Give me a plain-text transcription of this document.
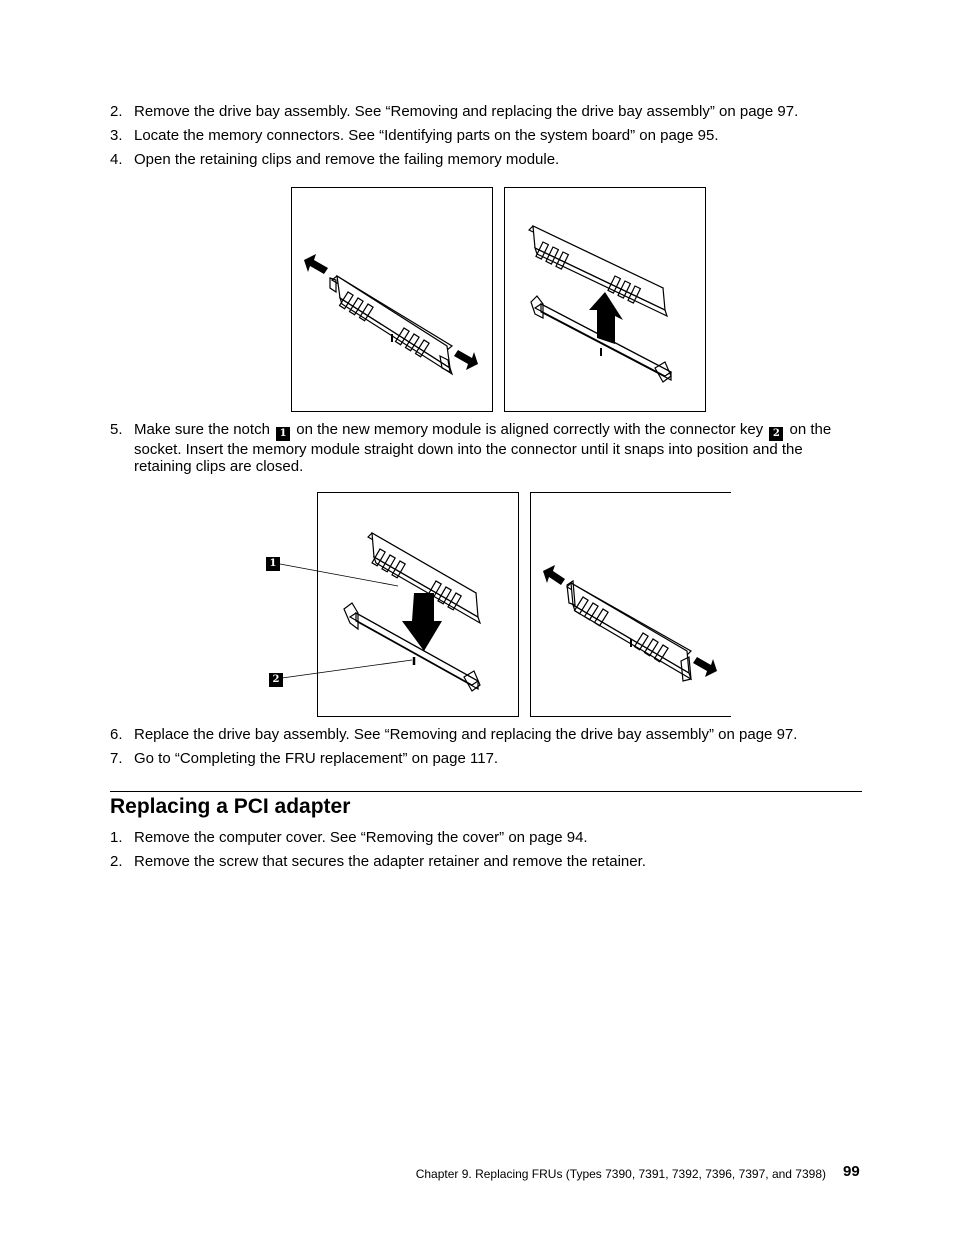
2. Remove the drive bay assembly. See “Removing and replacing the drive bay assembly” on page 97.
3. Locate the memory connectors. See “Identifying parts on the system board” on page 95.
4. Open the retaining clips and remove the failing memory module.
5. Make sure the notch 1 on the new memory module is aligned correctly with the connector key 2 on the socket. Insert the memory module straight down into the connector until it snaps into position and the retaining clips are closed.
1
2
6. Replace the drive bay assembly. See “Removing and replacing the drive bay assembly” on page 97.
7. Go to “Completing the FRU replacement” on page 117.
Replacing a PCI adapter
1. Remove the computer cover. See “Removing the cover” on page 94.
2. Remove the screw that secures the adapter retainer and remove the retainer.
Chapter 9. Replacing FRUs (Types 7390, 7391, 7392, 7396, 7397, and 7398) 99
